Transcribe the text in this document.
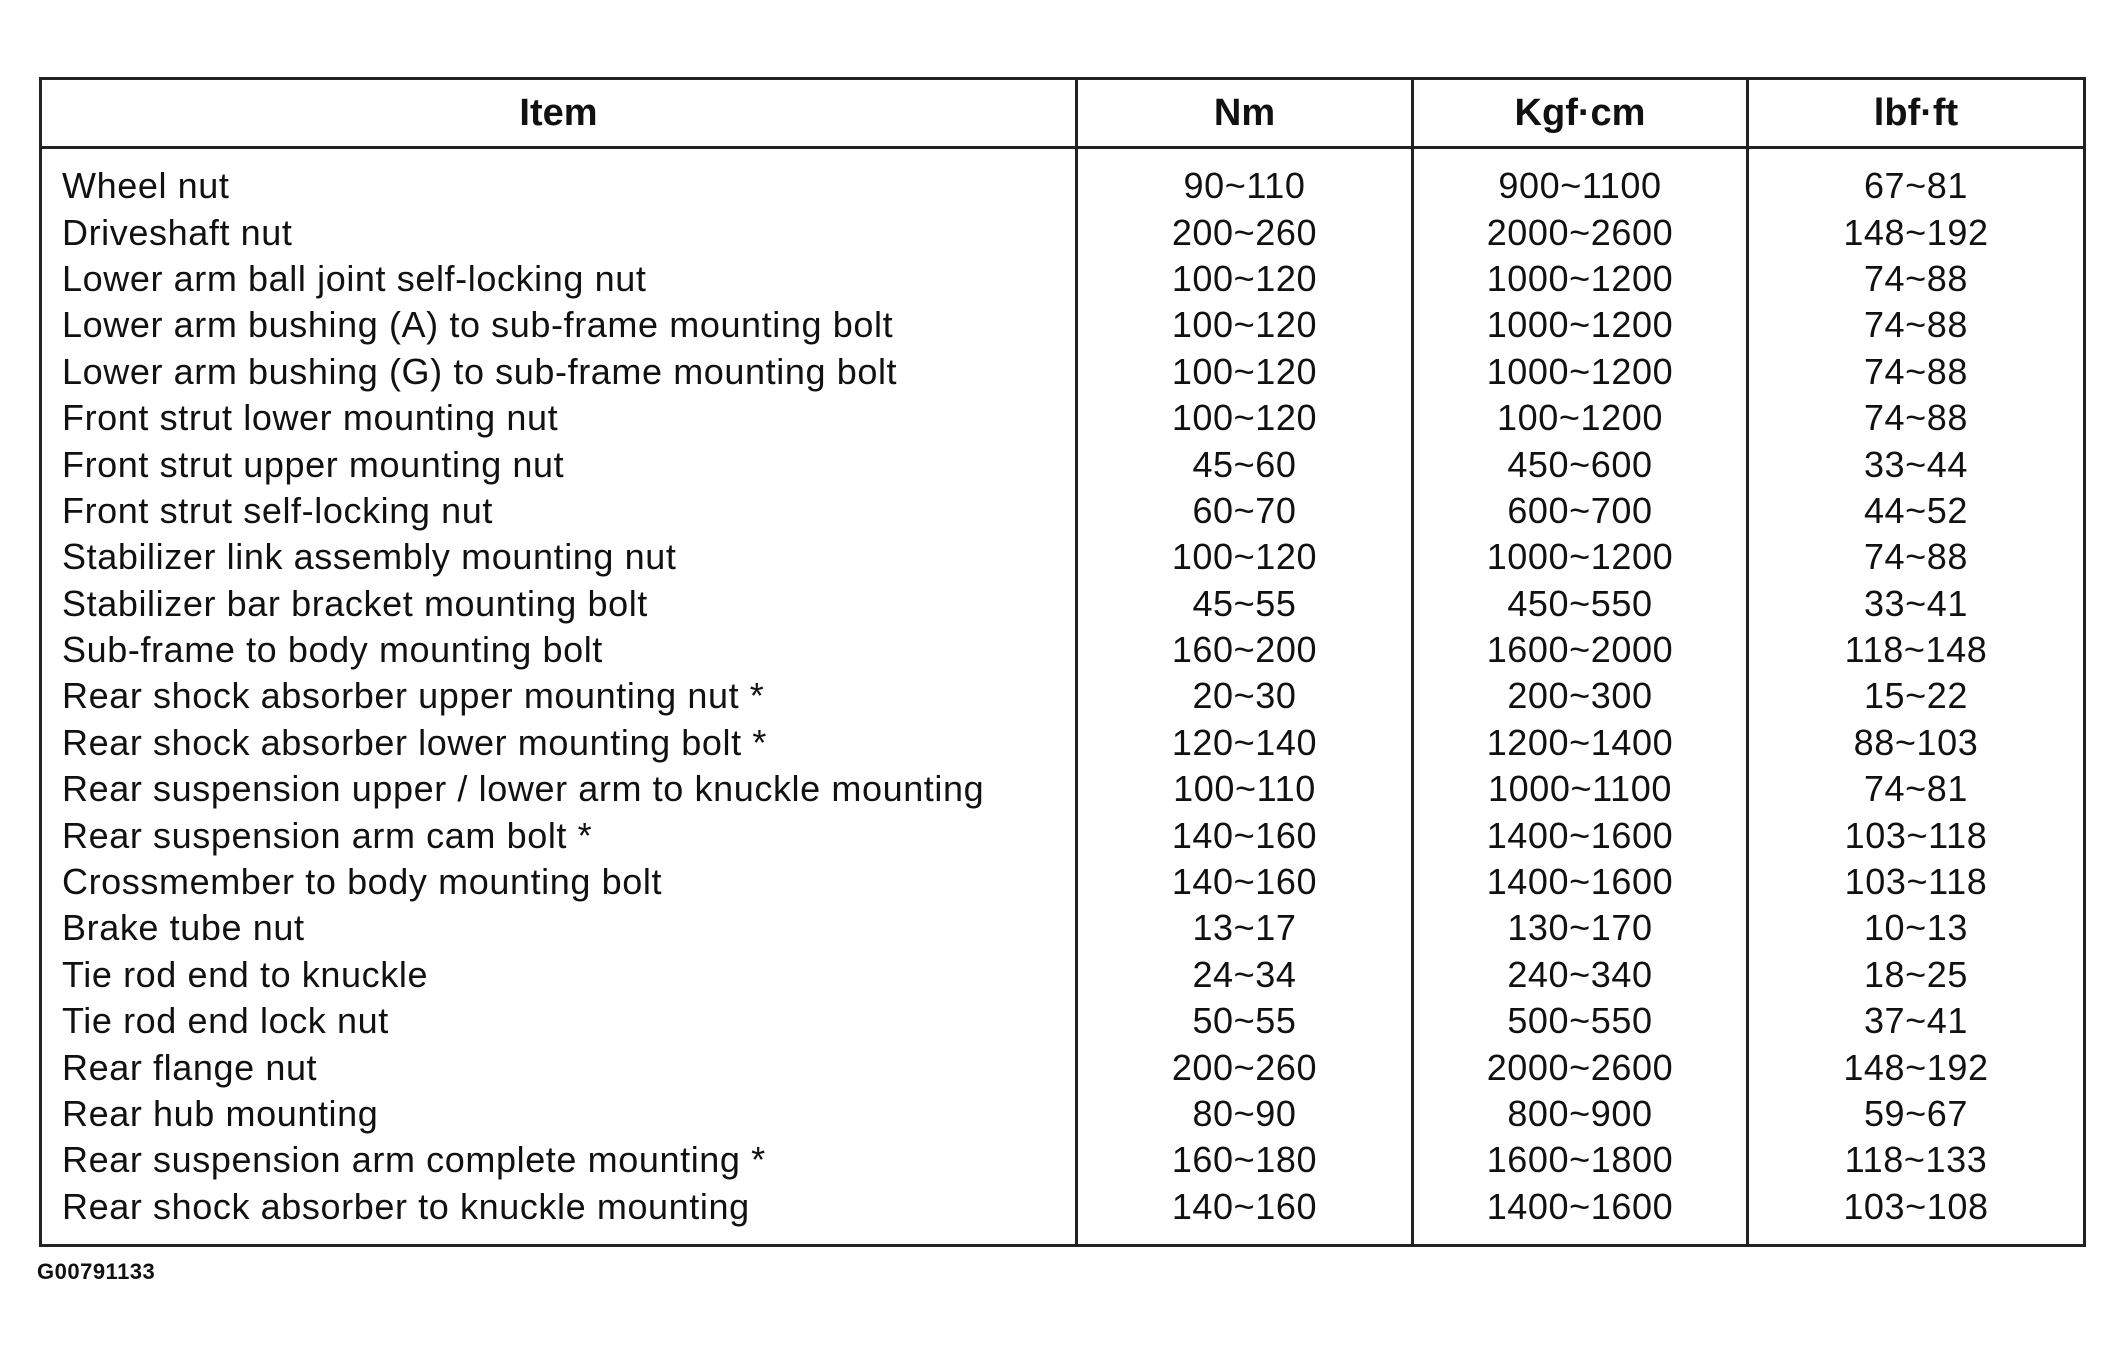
Item	Nm	Kgf·cm	lbf·ft
Wheel nut	90~110	900~1100	67~81
Driveshaft nut	200~260	2000~2600	148~192
Lower arm ball joint self-locking nut	100~120	1000~1200	74~88
Lower arm bushing (A) to sub-frame mounting bolt	100~120	1000~1200	74~88
Lower arm bushing (G) to sub-frame mounting bolt	100~120	1000~1200	74~88
Front strut lower mounting nut	100~120	100~1200	74~88
Front strut upper mounting nut	45~60	450~600	33~44
Front strut self-locking nut	60~70	600~700	44~52
Stabilizer link assembly mounting nut	100~120	1000~1200	74~88
Stabilizer bar bracket mounting bolt	45~55	450~550	33~41
Sub-frame to body mounting bolt	160~200	1600~2000	118~148
Rear shock absorber upper mounting nut *	20~30	200~300	15~22
Rear shock absorber lower mounting bolt *	120~140	1200~1400	88~103
Rear suspension upper / lower arm to knuckle mounting	100~110	1000~1100	74~81
Rear suspension arm cam bolt *	140~160	1400~1600	103~118
Crossmember to body mounting bolt	140~160	1400~1600	103~118
Brake tube nut	13~17	130~170	10~13
Tie rod end to knuckle	24~34	240~340	18~25
Tie rod end lock nut	50~55	500~550	37~41
Rear flange nut	200~260	2000~2600	148~192
Rear hub mounting	80~90	800~900	59~67
Rear suspension arm complete mounting *	160~180	1600~1800	118~133
Rear shock absorber to knuckle mounting	140~160	1400~1600	103~108
G00791133
